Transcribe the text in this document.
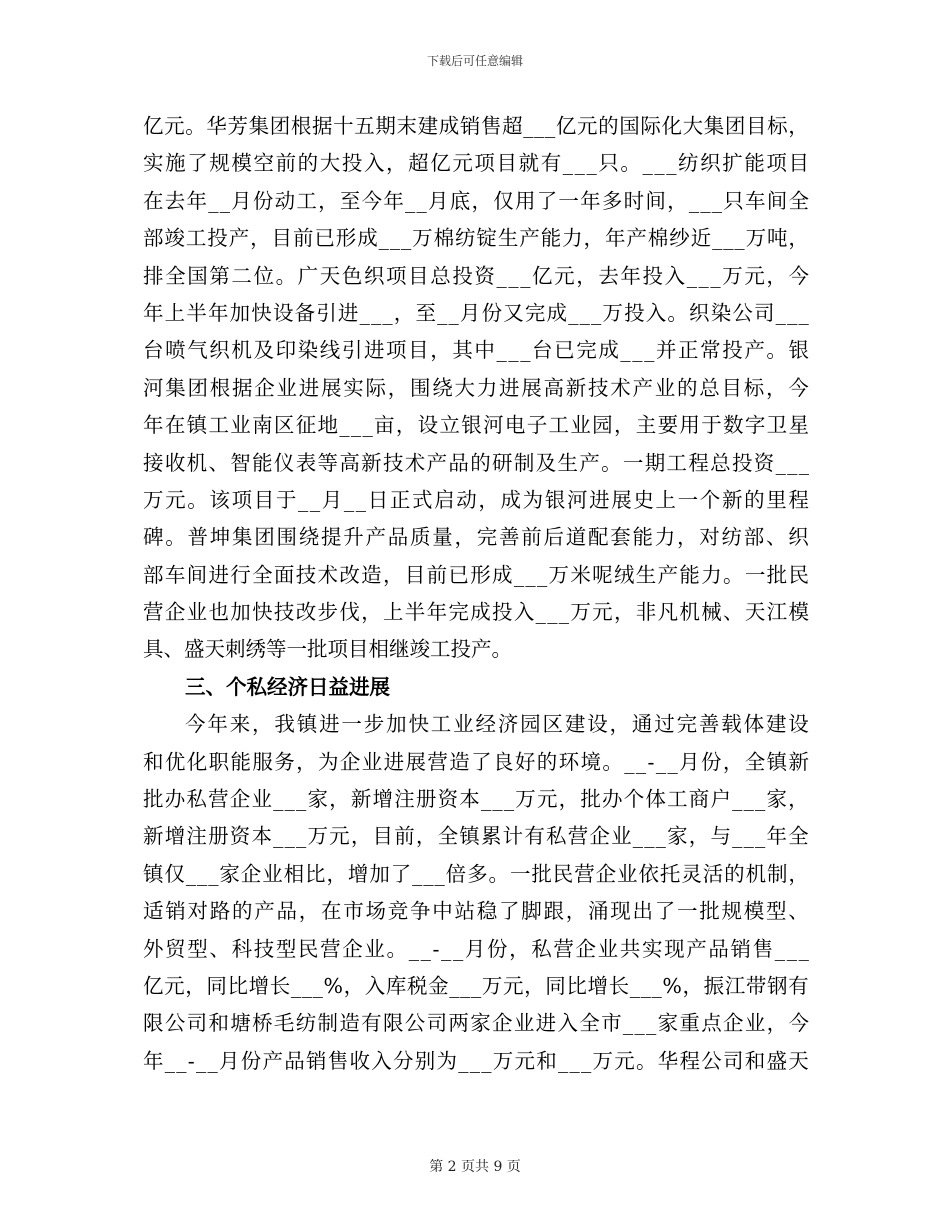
下载后可任意编辑
亿 元 。 华 芳 集 团 根 据 十 五 期 末 建 成 销 售 超 _ _ _ 亿 元 的 国 际 化 大 集 团 目 标 ，
实 施 了 规 模 空 前 的 大 投 入 ， 超 亿 元 项 目 就 有 _ _ _ 只 。 _ _ _ 纺 织 扩 能 项 目
在 去 年 _ _ 月 份 动 工 ， 至 今 年 _ _ 月 底 ， 仅 用 了 一 年 多 时 间 ， _ _ _ 只 车 间 全
部 竣 工 投 产 ， 目 前 已 形 成 _ _ _ 万 棉 纺 锭 生 产 能 力 ， 年 产 棉 纱 近 _ _ _ 万 吨 ，
排 全 国 第 二 位 。 广 天 色 织 项 目 总 投 资 _ _ _ 亿 元 ， 去 年 投 入 _ _ _ 万 元 ， 今
年 上 半 年 加 快 设 备 引 进 _ _ _ ， 至 _ _ 月 份 又 完 成 _ _ _ 万 投 入 。 织 染 公 司 _ _ _
台 喷 气 织 机 及 印 染 线 引 进 项 目 ， 其 中 _ _ _ 台 已 完 成 _ _ _ 并 正 常 投 产 。 银
河 集 团 根 据 企 业 进 展 实 际 ， 围 绕 大 力 进 展 高 新 技 术 产 业 的 总 目 标 ， 今
年 在 镇 工 业 南 区 征 地 _ _ _ 亩 ， 设 立 银 河 电 子 工 业 园 ， 主 要 用 于 数 字 卫 星
接 收 机 、 智 能 仪 表 等 高 新 技 术 产 品 的 研 制 及 生 产 。 一 期 工 程 总 投 资 _ _ _
万 元 。 该 项 目 于 _ _ 月 _ _ 日 正 式 启 动 ， 成 为 银 河 进 展 史 上 一 个 新 的 里 程
碑 。 普 坤 集 团 围 绕 提 升 产 品 质 量 ， 完 善 前 后 道 配 套 能 力 ， 对 纺 部 、 织
部 车 间 进 行 全 面 技 术 改 造 ， 目 前 已 形 成 _ _ _ 万 米 呢 绒 生 产 能 力 。 一 批 民
营 企 业 也 加 快 技 改 步 伐 ， 上 半 年 完 成 投 入 _ _ _ 万 元 ， 非 凡 机 械 、 天 江 模
具、盛天刺绣等一批项目相继竣工投产。
三、个私经济日益进展
今 年 来 ， 我 镇 进 一 步 加 快 工 业 经 济 园 区 建 设 ， 通 过 完 善 载 体 建 设
和 优 化 职 能 服 务 ， 为 企 业 进 展 营 造 了 良 好 的 环 境 。 _ _ - _ _ 月 份 ， 全 镇 新
批 办 私 营 企 业 _ _ _ 家 ， 新 增 注 册 资 本 _ _ _ 万 元 ， 批 办 个 体 工 商 户 _ _ _ 家 ，
新 增 注 册 资 本 _ _ _ 万 元 ， 目 前 ， 全 镇 累 计 有 私 营 企 业 _ _ _ 家 ， 与 _ _ _ 年 全
镇 仅 _ _ _ 家 企 业 相 比 ， 增 加 了 _ _ _ 倍 多 。 一 批 民 营 企 业 依 托 灵 活 的 机 制 ，
适 销 对 路 的 产 品 ， 在 市 场 竞 争 中 站 稳 了 脚 跟 ， 涌 现 出 了 一 批 规 模 型 、
外 贸 型 、 科 技 型 民 营 企 业 。 _ _ - _ _ 月 份 ， 私 营 企 业 共 实 现 产 品 销 售 _ _ _
亿 元 ， 同 比 增 长 _ _ _ % ， 入 库 税 金 _ _ _ 万 元 ， 同 比 增 长 _ _ _ % ， 振 江 带 钢 有
限 公 司 和 塘 桥 毛 纺 制 造 有 限 公 司 两 家 企 业 进 入 全 市 _ _ _ 家 重 点 企 业 ， 今
年 _ _ - _ _ 月 份 产 品 销 售 收 入 分 别 为 _ _ _ 万 元 和 _ _ _ 万 元 。 华 程 公 司 和 盛 天
第 2 页共 9 页
